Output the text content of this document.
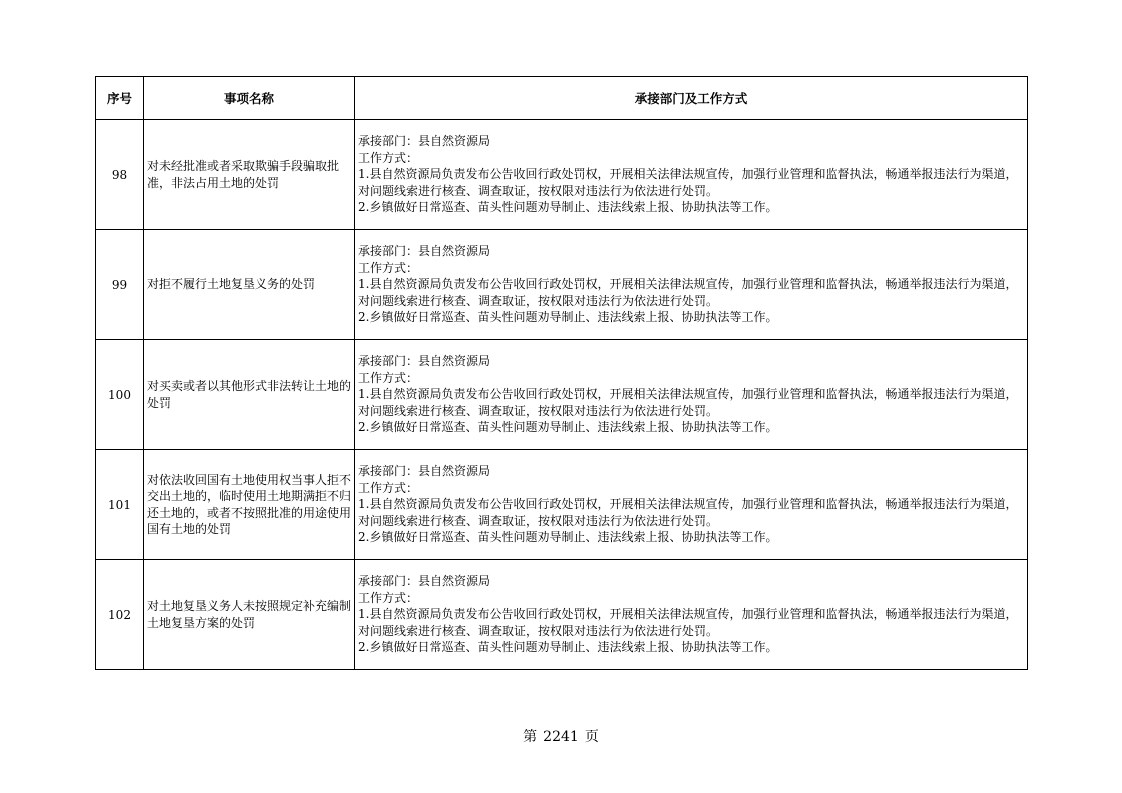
序号	事项名称	承接部门及工作方式
98	对未经批准或者采取欺骗手段骗取批准，非法占用土地的处罚	承接部门：县自然资源局
工作方式：
1.县自然资源局负责发布公告收回行政处罚权，开展相关法律法规宣传，加强行业管理和监督执法，畅通举报违法行为渠道，对问题线索进行核查、调查取证，按权限对违法行为依法进行处罚。
2.乡镇做好日常巡查、苗头性问题劝导制止、违法线索上报、协助执法等工作。

99	对拒不履行土地复垦义务的处罚	承接部门：县自然资源局
工作方式：
1.县自然资源局负责发布公告收回行政处罚权，开展相关法律法规宣传，加强行业管理和监督执法，畅通举报违法行为渠道，对问题线索进行核查、调查取证，按权限对违法行为依法进行处罚。
2.乡镇做好日常巡查、苗头性问题劝导制止、违法线索上报、协助执法等工作。

100	对买卖或者以其他形式非法转让土地的处罚	承接部门：县自然资源局
工作方式：
1.县自然资源局负责发布公告收回行政处罚权，开展相关法律法规宣传，加强行业管理和监督执法，畅通举报违法行为渠道，对问题线索进行核查、调查取证，按权限对违法行为依法进行处罚。
2.乡镇做好日常巡查、苗头性问题劝导制止、违法线索上报、协助执法等工作。

101	对依法收回国有土地使用权当事人拒不交出土地的，临时使用土地期满拒不归还土地的，或者不按照批准的用途使用国有土地的处罚	承接部门：县自然资源局
工作方式：
1.县自然资源局负责发布公告收回行政处罚权，开展相关法律法规宣传，加强行业管理和监督执法，畅通举报违法行为渠道，对问题线索进行核查、调查取证，按权限对违法行为依法进行处罚。
2.乡镇做好日常巡查、苗头性问题劝导制止、违法线索上报、协助执法等工作。

102	对土地复垦义务人未按照规定补充编制土地复垦方案的处罚	承接部门：县自然资源局
工作方式：
1.县自然资源局负责发布公告收回行政处罚权，开展相关法律法规宣传，加强行业管理和监督执法，畅通举报违法行为渠道，对问题线索进行核查、调查取证，按权限对违法行为依法进行处罚。
2.乡镇做好日常巡查、苗头性问题劝导制止、违法线索上报、协助执法等工作。
第 2241 页
